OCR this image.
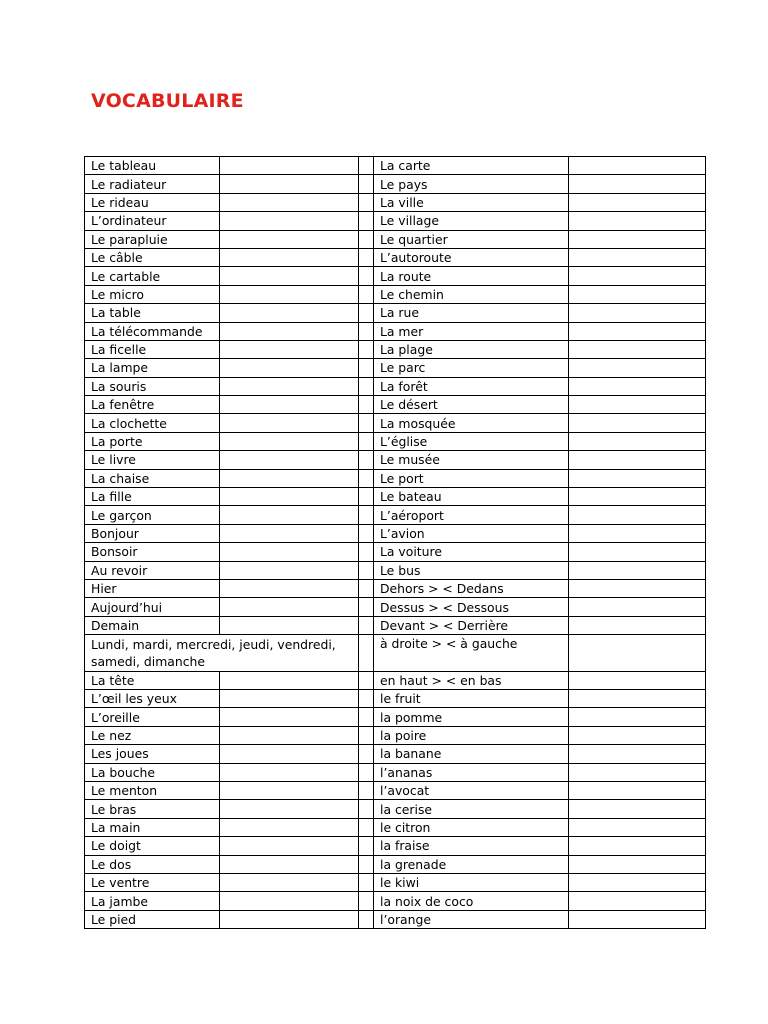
VOCABULAIRE
Le tableau			La carte	
Le radiateur			Le pays	
Le rideau			La ville	
L’ordinateur			Le village	
Le parapluie			Le quartier	
Le câble			L’autoroute	
Le cartable			La route	
Le micro			Le chemin	
La table			La rue	
La télécommande			La mer	
La ficelle			La plage	
La lampe			Le parc	
La souris			La forêt	
La fenêtre			Le désert	
La clochette			La mosquée	
La porte			L’église	
Le livre			Le musée	
La chaise			Le port	
La fille			Le bateau	
Le garçon			L’aéroport	
Bonjour			L’avion	
Bonsoir			La voiture	
Au revoir			Le bus	
Hier			Dehors > < Dedans	
Aujourd’hui			Dessus > < Dessous	
Demain			Devant > < Derrière	
Lundi, mardi, mercredi, jeudi, vendredi, samedi, dimanche			à droite > < à gauche	
La tête			en haut > < en bas	
L’œil les yeux			le fruit	
L’oreille			la pomme	
Le nez			la poire	
Les joues			la banane	
La bouche			l’ananas	
Le menton			l’avocat	
Le bras			la cerise	
La main			le citron	
Le doigt			la fraise	
Le dos			la grenade	
Le ventre			le kiwi	
La jambe			la noix de coco	
Le pied			l’orange	
